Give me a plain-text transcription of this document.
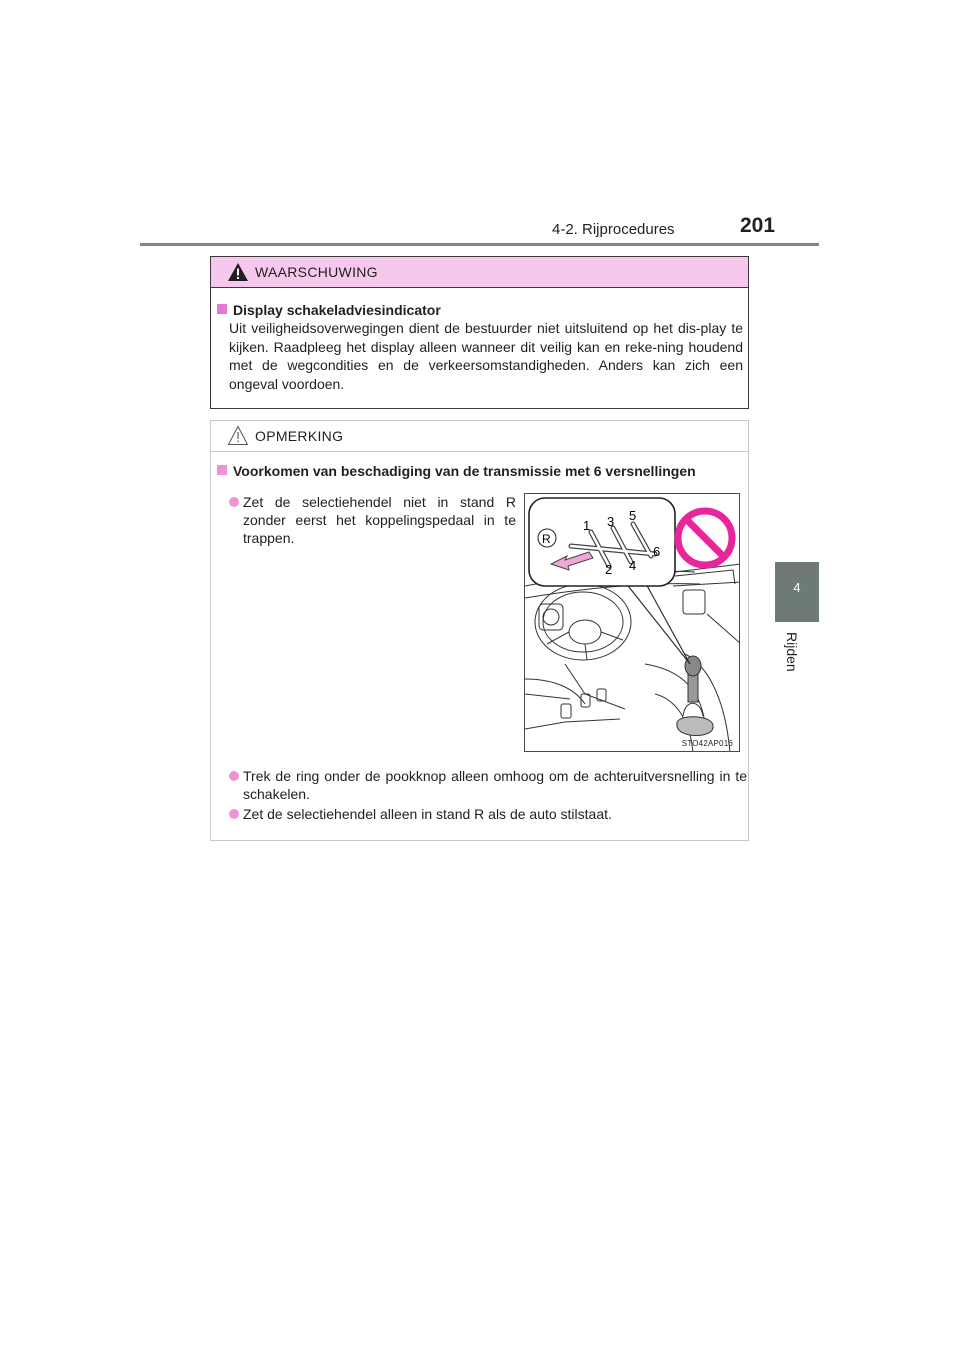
4-2. Rijprocedures	201
4
Rijden
WAARSCHUWING
Display schakeladviesindicator
Uit veiligheidsoverwegingen dient de bestuurder niet uitsluitend op het dis-play te kijken. Raadpleeg het display alleen wanneer dit veilig kan en reke-ning houdend met de wegcondities en de verkeersomstandigheden. Anders kan zich een ongeval voordoen.
OPMERKING
Voorkomen van beschadiging van de transmissie met 6 versnellingen
Zet de selectiehendel niet in stand R zonder eerst het koppelingspedaal in te trappen.	R
1
2
3
4
5
6
STO42AP016
Trek de ring onder de pookknop alleen omhoog om de achteruitversnelling in te schakelen.
Zet de selectiehendel alleen in stand R als de auto stilstaat.
